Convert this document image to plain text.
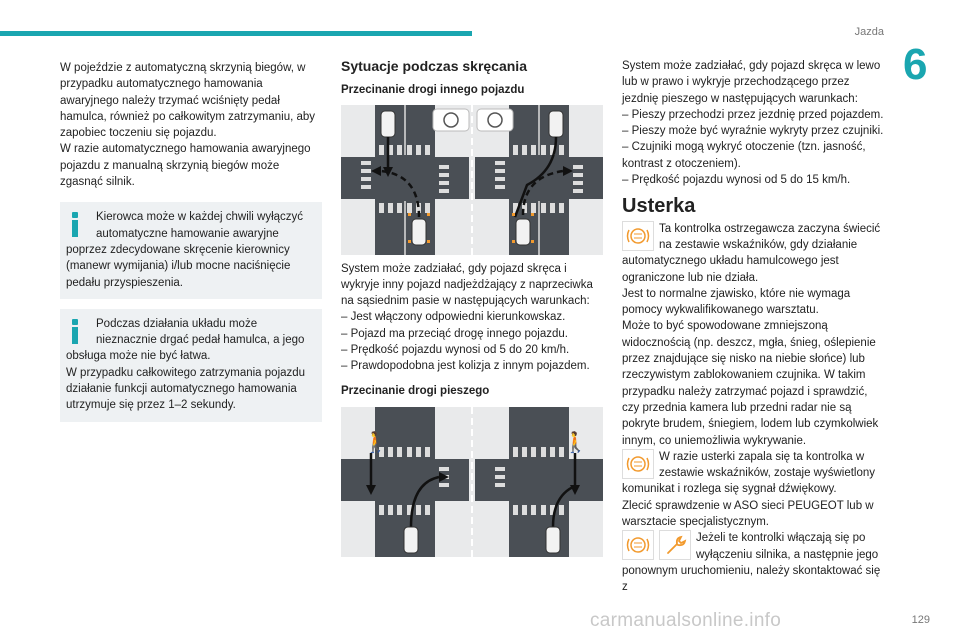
Jazda
6

W pojeździe z automatyczną skrzynią biegów, w przypadku automatycznego hamowania awaryjnego należy trzymać wciśnięty pedał hamulca, również po całkowitym zatrzymaniu, aby zapobiec toczeniu się pojazdu.

W razie automatycznego hamowania awaryjnego pojazdu z manualną skrzynią biegów może zgasnąć silnik.

Kierowca może w każdej chwili wyłączyć automatyczne hamowanie awaryjne poprzez zdecydowane skręcenie kierownicy (manewr wymijania) i/lub mocne naciśnięcie pedału przyspieszenia.

Podczas działania układu może nieznacznie drgać pedał hamulca, a jego obsługa może nie być łatwa.

W przypadku całkowitego zatrzymania pojazdu działanie funkcji automatycznego hamowania utrzymuje się przez 1–2 sekundy.

Sytuacje podczas skręcania
Przecinanie drogi innego pojazdu

System może zadziałać, gdy pojazd skręca i wykryje inny pojazd nadjeżdżający z naprzeciwka na sąsiednim pasie w następujących warunkach:

– Jest włączony odpowiedni kierunkowskaz.

– Pojazd ma przeciąć drogę innego pojazdu.

– Prędkość pojazdu wynosi od 5 do 20 km/h.

– Prawdopodobna jest kolizja z innym pojazdem.

Przecinanie drogi pieszego
🚶	🚶

System może zadziałać, gdy pojazd skręca w lewo lub w prawo i wykryje przechodzącego przez jezdnię pieszego w następujących warunkach:

– Pieszy przechodzi przez jezdnię przed pojazdem.

– Pieszy może być wyraźnie wykryty przez czujniki.

– Czujniki mogą wykryć otoczenie (tzn. jasność, kontrast z otoczeniem).

– Prędkość pojazdu wynosi od 5 do 15 km/h.

Usterka
Ta kontrolka ostrzegawcza zaczyna świecić na zestawie wskaźników, gdy działanie automatycznego układu hamulcowego jest ograniczone lub nie działa.

Jest to normalne zjawisko, które nie wymaga pomocy wykwalifikowanego warsztatu.

Może to być spowodowane zmniejszoną widocznością (np. deszcz, mgła, śnieg, oślepienie przez znajdujące się nisko na niebie słońce) lub rzeczywistym zablokowaniem czujnika. W takim przypadku należy zatrzymać pojazd i sprawdzić, czy przednia kamera lub przedni radar nie są pokryte brudem, śniegiem, lodem lub czymkolwiek innym, co uniemożliwia wykrywanie.

W razie usterki zapala się ta kontrolka w zestawie wskaźników, zostaje wyświetlony komunikat i rozlega się sygnał dźwiękowy.

Zlecić sprawdzenie w ASO sieci PEUGEOT lub w warsztacie specjalistycznym.

Jeżeli te kontrolki włączają się po wyłączeniu silnika, a następnie jego ponownym uruchomieniu, należy skontaktować się z
carmanualsonline.info	129
